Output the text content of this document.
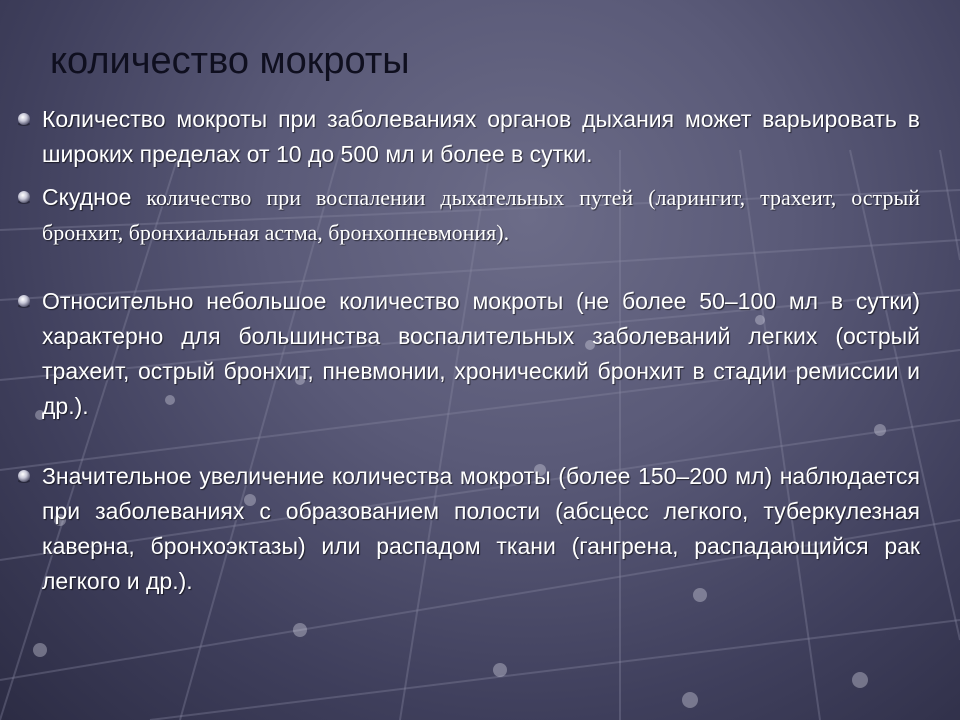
количество мокроты
Количество мокроты при заболеваниях органов дыхания может варьировать в широких пределах от 10 до 500 мл и более в сутки.
Скудное количество при воспалении дыхательных путей (ларингит, трахеит, острый бронхит, бронхиальная астма, бронхопневмония).
Относительно небольшое количество мокроты (не более 50–100 мл в сутки) характерно для большинства воспалительных заболеваний легких (острый трахеит, острый бронхит, пневмонии, хронический бронхит в стадии ремиссии и др.).
Значительное увеличение количества мокроты (более 150–200 мл) наблюдается при заболеваниях с образованием полости (абсцесс легкого, туберкулезная каверна, бронхоэктазы) или распадом ткани (гангрена, распадающийся рак легкого и др.).
